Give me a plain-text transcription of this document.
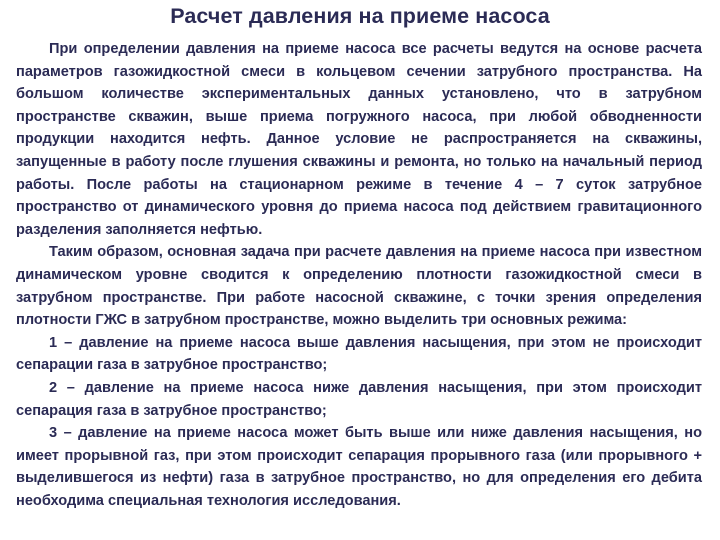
Расчет давления на приеме насоса

При определении давления на приеме насоса все расчеты ведутся на основе расчета параметров газожидкостной смеси в кольцевом сечении затрубного пространства. На большом количестве экспериментальных данных установлено, что в затрубном пространстве скважин, выше приема погружного насоса, при любой обводненности продукции находится нефть. Данное условие не распространяется на скважины, запущенные в работу после глушения скважины и ремонта, но только на начальный период работы. После работы на стационарном режиме в течение 4 – 7 суток затрубное пространство от динамического уровня до приема насоса под действием гравитационного разделения заполняется нефтью.

Таким образом, основная задача при расчете давления на приеме насоса при известном динамическом уровне сводится к определению плотности газожидкостной смеси в затрубном пространстве. При работе насосной скважине, с точки зрения определения плотности ГЖС в затрубном пространстве, можно выделить три основных режима:

1 – давление на приеме насоса выше давления насыщения, при этом не происходит сепарации газа в затрубное пространство;

2 – давление на приеме насоса ниже давления насыщения, при этом происходит сепарация газа в затрубное пространство;

3 – давление на приеме насоса может быть выше или ниже давления насыщения, но имеет прорывной газ, при этом происходит сепарация прорывного газа (или прорывного + выделившегося из нефти) газа в затрубное пространство, но для определения его дебита необходима специальная технология исследования.
